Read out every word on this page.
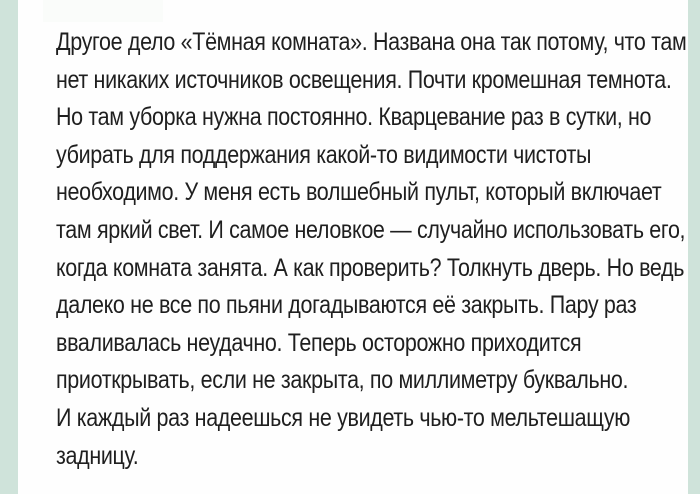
Другое дело «Тёмная комната». Названа она так потому, что там
нет никаких источников освещения. Почти кромешная темнота.
Но там уборка нужна постоянно. Кварцевание раз в сутки, но
убирать для поддержания какой-то видимости чистоты
необходимо. У меня есть волшебный пульт, который включает
там яркий свет. И самое неловкое — случайно использовать его,
когда комната занята. А как проверить? Толкнуть дверь. Но ведь
далеко не все по пьяни догадываются её закрыть. Пару раз
вваливалась неудачно. Теперь осторожно приходится
приоткрывать, если не закрыта, по миллиметру буквально.
И каждый раз надеешься не увидеть чью-то мельтешащую
задницу.
